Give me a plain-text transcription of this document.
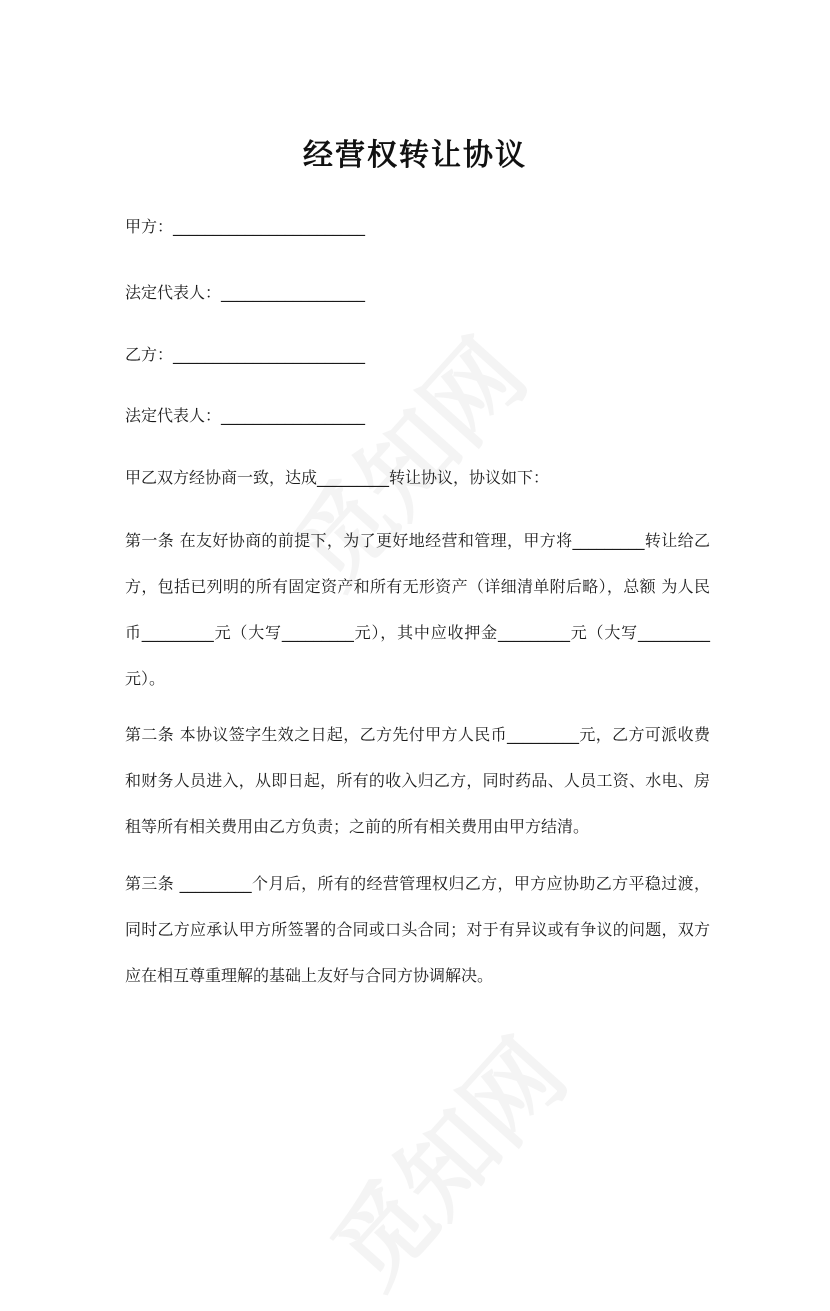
经营权转让协议
甲方：________________________
法定代表人：__________________
乙方：________________________
法定代表人：__________________
甲乙双方经协商一致，达成_________转让协议，协议如下：
第一条 在友好协商的前提下，为了更好地经营和管理，甲方将_________转让给乙方，包括已列明的所有固定资产和所有无形资产（详细清单附后略），总额 为人民币_________元（大写_________元），其中应收押金_________元（大写_________元）。
第二条 本协议签字生效之日起，乙方先付甲方人民币_________元，乙方可派收费和财务人员进入，从即日起，所有的收入归乙方，同时药品、人员工资、水电、房租等所有相关费用由乙方负责；之前的所有相关费用由甲方结清。
第三条 _________个月后，所有的经营管理权归乙方，甲方应协助乙方平稳过渡，同时乙方应承认甲方所签署的合同或口头合同；对于有异议或有争议的问题，双方应在相互尊重理解的基础上友好与合同方协调解决。
